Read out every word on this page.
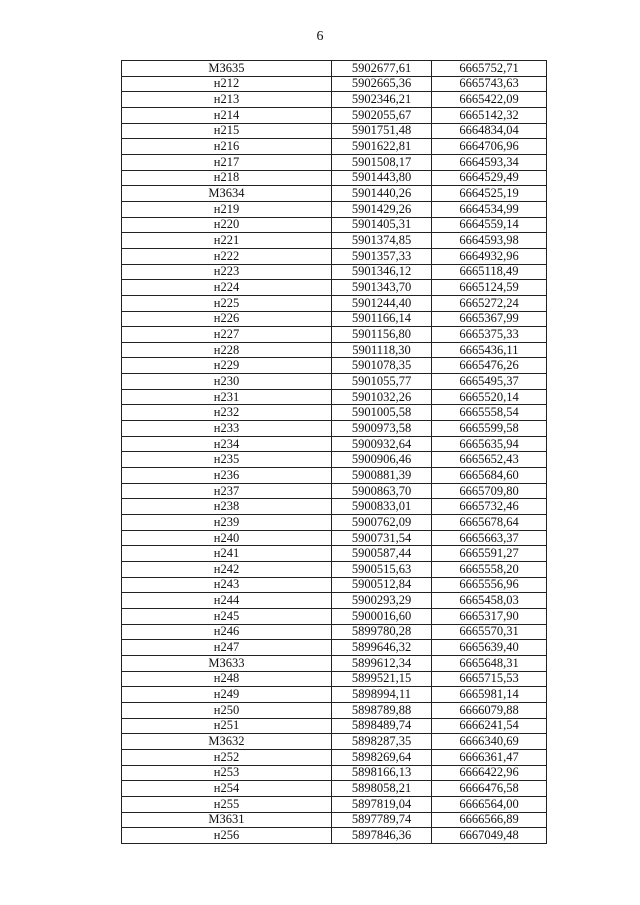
6
МЗ635	5902677,61	6665752,71
н212	5902665,36	6665743,63
н213	5902346,21	6665422,09
н214	5902055,67	6665142,32
н215	5901751,48	6664834,04
н216	5901622,81	6664706,96
н217	5901508,17	6664593,34
н218	5901443,80	6664529,49
МЗ634	5901440,26	6664525,19
н219	5901429,26	6664534,99
н220	5901405,31	6664559,14
н221	5901374,85	6664593,98
н222	5901357,33	6664932,96
н223	5901346,12	6665118,49
н224	5901343,70	6665124,59
н225	5901244,40	6665272,24
н226	5901166,14	6665367,99
н227	5901156,80	6665375,33
н228	5901118,30	6665436,11
н229	5901078,35	6665476,26
н230	5901055,77	6665495,37
н231	5901032,26	6665520,14
н232	5901005,58	6665558,54
н233	5900973,58	6665599,58
н234	5900932,64	6665635,94
н235	5900906,46	6665652,43
н236	5900881,39	6665684,60
н237	5900863,70	6665709,80
н238	5900833,01	6665732,46
н239	5900762,09	6665678,64
н240	5900731,54	6665663,37
н241	5900587,44	6665591,27
н242	5900515,63	6665558,20
н243	5900512,84	6665556,96
н244	5900293,29	6665458,03
н245	5900016,60	6665317,90
н246	5899780,28	6665570,31
н247	5899646,32	6665639,40
МЗ633	5899612,34	6665648,31
н248	5899521,15	6665715,53
н249	5898994,11	6665981,14
н250	5898789,88	6666079,88
н251	5898489,74	6666241,54
МЗ632	5898287,35	6666340,69
н252	5898269,64	6666361,47
н253	5898166,13	6666422,96
н254	5898058,21	6666476,58
н255	5897819,04	6666564,00
МЗ631	5897789,74	6666566,89
н256	5897846,36	6667049,48
